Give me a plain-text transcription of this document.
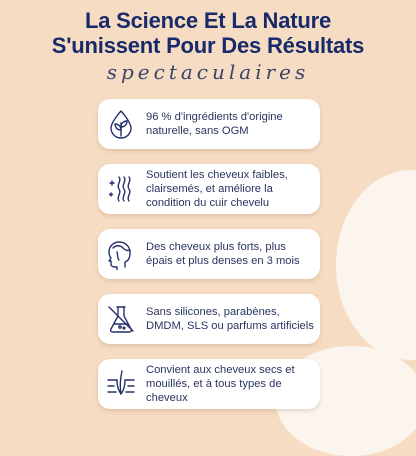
La Science Et La Nature
S'unissent Pour Des Résultats
spectaculaires
96 % d'ingrédients d'origine naturelle, sans OGM
Soutient les cheveux faibles, clairsemés, et améliore la condition du cuir chevelu
Des cheveux plus forts, plus épais et plus denses en 3 mois
Sans silicones, parabènes, DMDM, SLS ou parfums artificiels
Convient aux cheveux secs et mouillés, et à tous types de cheveux
